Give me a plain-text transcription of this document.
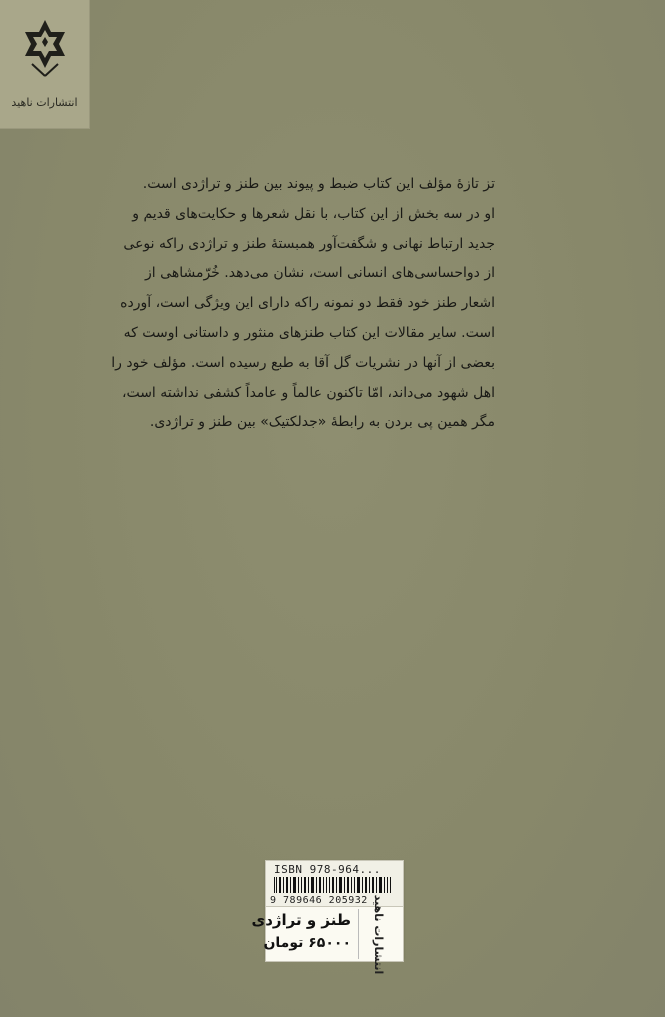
انتشارات ناهید
تز تازهٔ مؤلف این کتاب ضبط و پیوند بین طنز و تراژدی است.
او در سه بخش از این کتاب، با نقل شعرها و حکایت‌های قدیم و
جدید ارتباط نهانی و شگفت‌آور همبستهٔ طنز و تراژدی راکه نوعی
از دواحساسی‌های انسانی است، نشان می‌دهد. خُرّمشاهی از
اشعار طنز خود فقط دو نمونه راکه دارای این ویژگی است، آورده
است. سایر مقالات این کتاب طنزهای منثور و داستانی اوست که
بعضی از آنها در نشریات گل آقا به طبع رسیده است. مؤلف خود را
اهل شهود می‌داند، امّا تاکنون عالماً و عامداً کشفی نداشته است،
مگر همین پی بردن به رابطهٔ «جدلکتیک» بین طنز و تراژدی.
ISBN 978-964...
9 789646 205932 انتشارات ناهید
طنز و تراژدی
۶۵۰۰۰ تومان
